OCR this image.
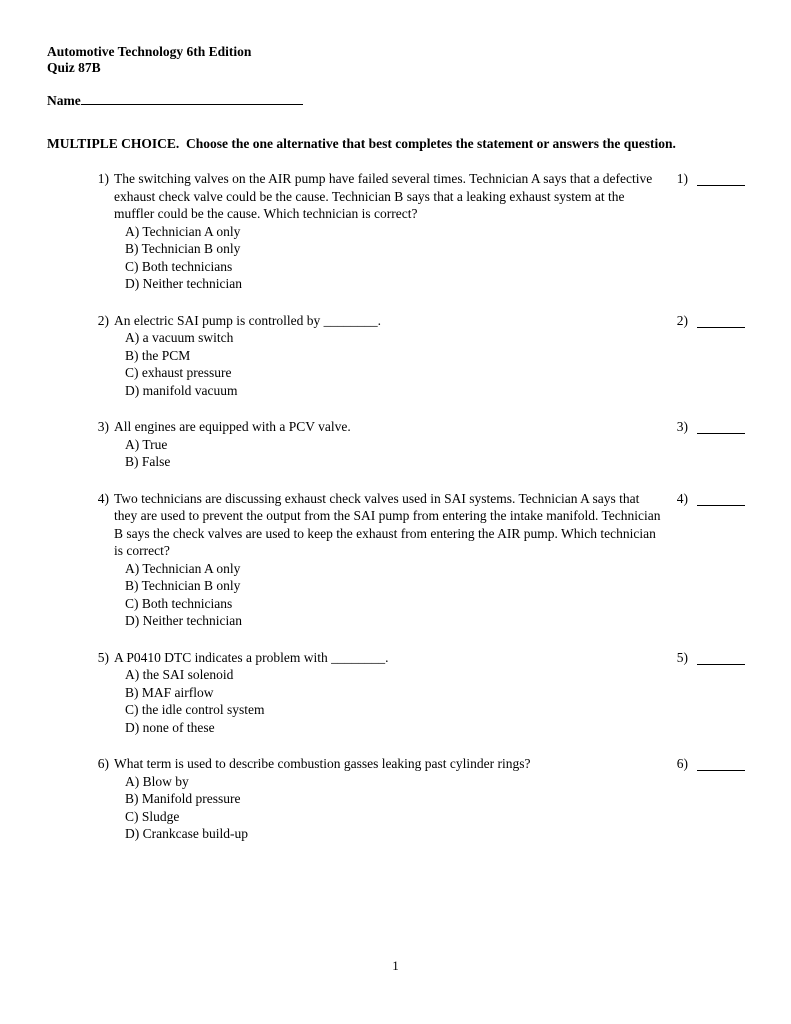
Automotive Technology 6th Edition
Quiz 87B
Name
MULTIPLE CHOICE.  Choose the one alternative that best completes the statement or answers the question.
1) The switching valves on the AIR pump have failed several times. Technician A says that a defective exhaust check valve could be the cause. Technician B says that a leaking exhaust system at the muffler could be the cause. Which technician is correct?
1)
A) Technician A only
B) Technician B only
C) Both technicians
D) Neither technician
2) An electric SAI pump is controlled by ________.	2)
A) a vacuum switch
B) the PCM
C) exhaust pressure
D) manifold vacuum
3) All engines are equipped with a PCV valve.	3)
A) True
B) False
4) Two technicians are discussing exhaust check valves used in SAI systems. Technician A says that they are used to prevent the output from the SAI pump from entering the intake manifold. Technician B says the check valves are used to keep the exhaust from entering the AIR pump. Which technician is correct?
4)
A) Technician A only
B) Technician B only
C) Both technicians
D) Neither technician
5) A P0410 DTC indicates a problem with ________.	5)
A) the SAI solenoid
B) MAF airflow
C) the idle control system
D) none of these
6) What term is used to describe combustion gasses leaking past cylinder rings?	6)
A) Blow by
B) Manifold pressure
C) Sludge
D) Crankcase build-up
1
